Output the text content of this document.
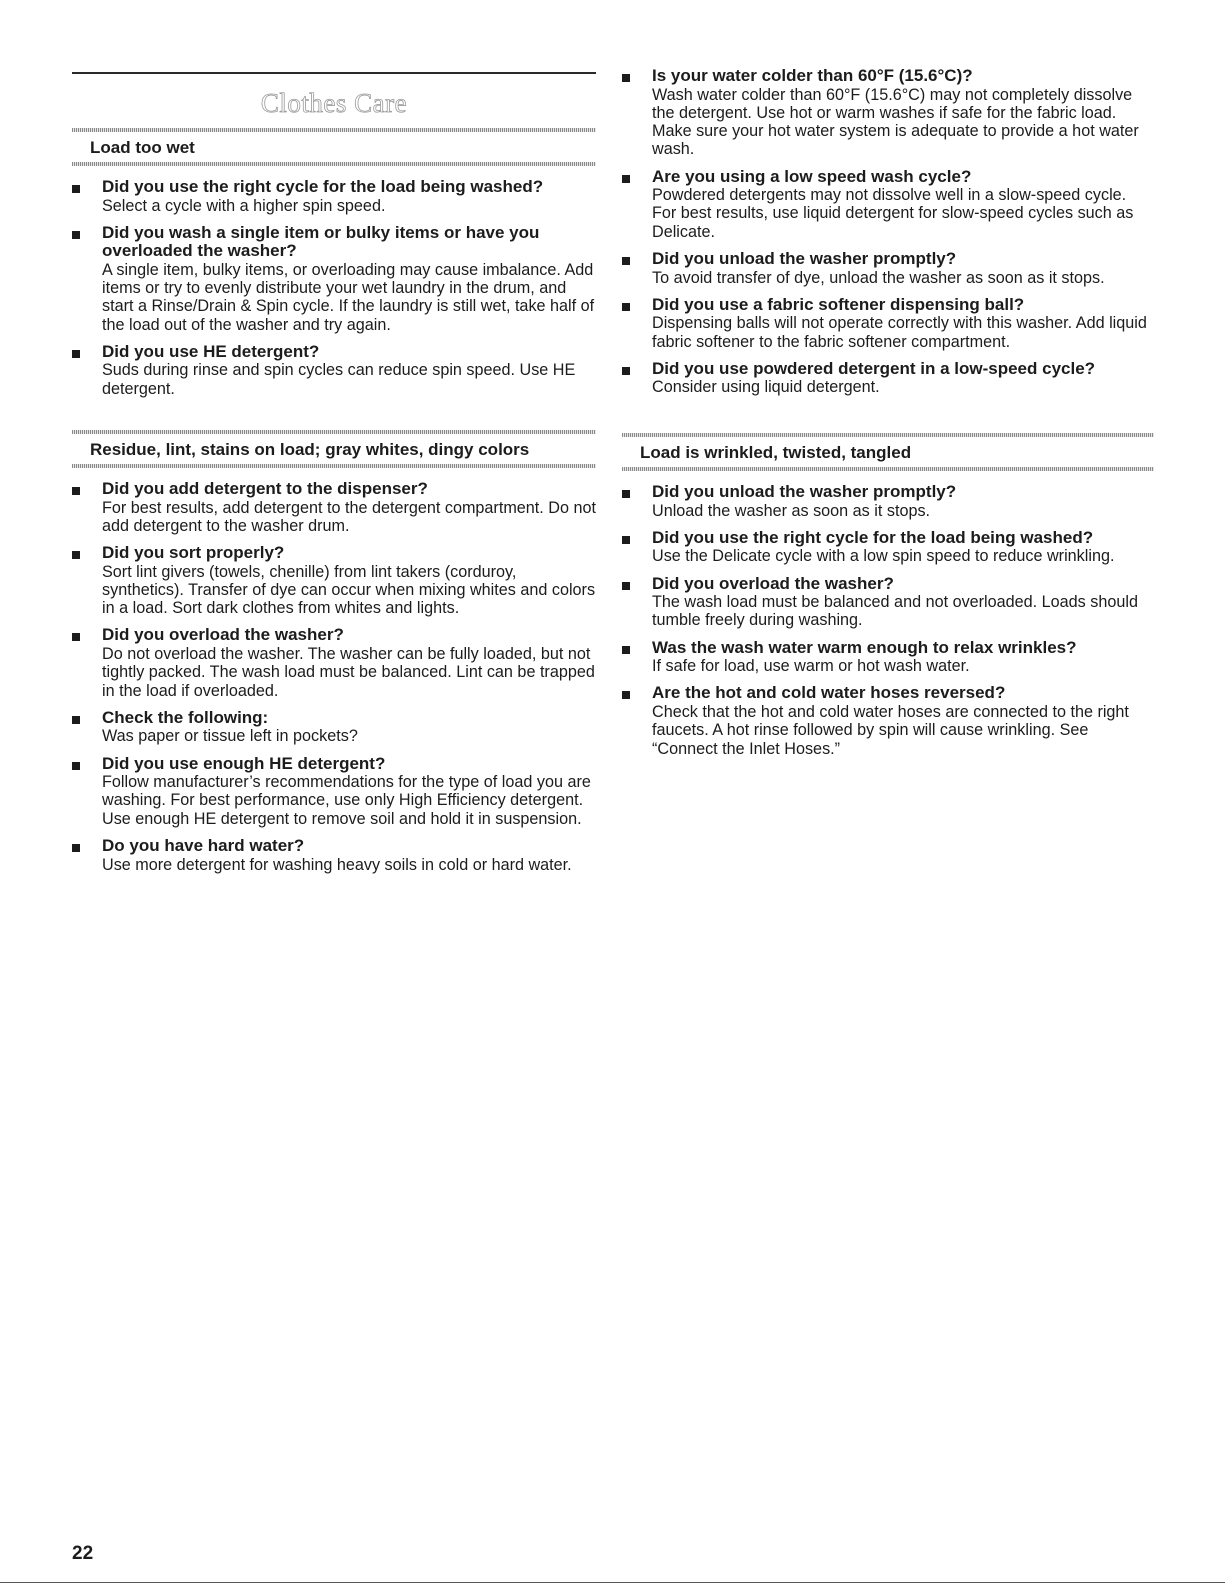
Clothes Care
Load too wet
Did you use the right cycle for the load being washed?
Select a cycle with a higher spin speed.
Did you wash a single item or bulky items or have you overloaded the washer?
A single item, bulky items, or overloading may cause imbalance. Add items or try to evenly distribute your wet laundry in the drum, and start a Rinse/Drain & Spin cycle. If the laundry is still wet, take half of the load out of the washer and try again.
Did you use HE detergent?
Suds during rinse and spin cycles can reduce spin speed. Use HE detergent.
Residue, lint, stains on load; gray whites, dingy colors
Did you add detergent to the dispenser?
For best results, add detergent to the detergent compartment. Do not add detergent to the washer drum.
Did you sort properly?
Sort lint givers (towels, chenille) from lint takers (corduroy, synthetics). Transfer of dye can occur when mixing whites and colors in a load. Sort dark clothes from whites and lights.
Did you overload the washer?
Do not overload the washer. The washer can be fully loaded, but not tightly packed. The wash load must be balanced. Lint can be trapped in the load if overloaded.
Check the following:
Was paper or tissue left in pockets?
Did you use enough HE detergent?
Follow manufacturer’s recommendations for the type of load you are washing. For best performance, use only High Efficiency detergent. Use enough HE detergent to remove soil and hold it in suspension.
Do you have hard water?
Use more detergent for washing heavy soils in cold or hard water.
Is your water colder than 60°F (15.6°C)?
Wash water colder than 60°F (15.6°C) may not completely dissolve the detergent. Use hot or warm washes if safe for the fabric load. Make sure your hot water system is adequate to provide a hot water wash.
Are you using a low speed wash cycle?
Powdered detergents may not dissolve well in a slow-speed cycle. For best results, use liquid detergent for slow-speed cycles such as Delicate.
Did you unload the washer promptly?
To avoid transfer of dye, unload the washer as soon as it stops.
Did you use a fabric softener dispensing ball?
Dispensing balls will not operate correctly with this washer. Add liquid fabric softener to the fabric softener compartment.
Did you use powdered detergent in a low-speed cycle?
Consider using liquid detergent.
Load is wrinkled, twisted, tangled
Did you unload the washer promptly?
Unload the washer as soon as it stops.
Did you use the right cycle for the load being washed?
Use the Delicate cycle with a low spin speed to reduce wrinkling.
Did you overload the washer?
The wash load must be balanced and not overloaded. Loads should tumble freely during washing.
Was the wash water warm enough to relax wrinkles?
If safe for load, use warm or hot wash water.
Are the hot and cold water hoses reversed?
Check that the hot and cold water hoses are connected to the right faucets. A hot rinse followed by spin will cause wrinkling. See “Connect the Inlet Hoses.”
22
